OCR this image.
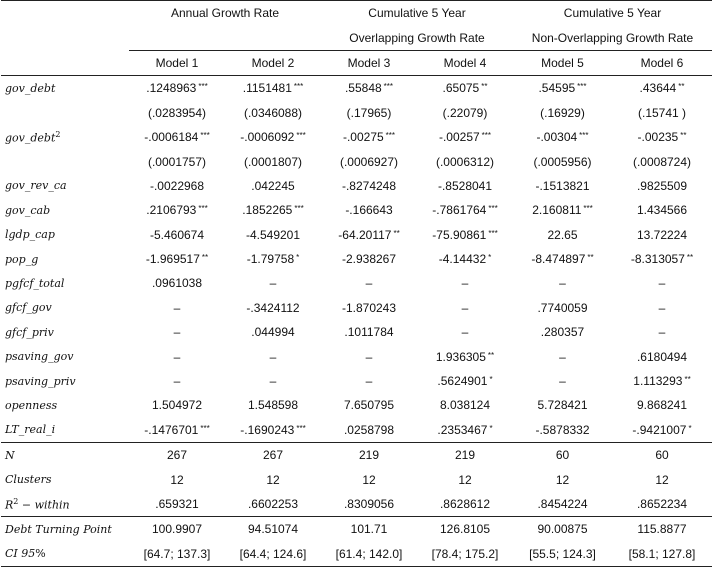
	Annual Growth Rate		Cumulative 5 Year		Cumulative 5 Year	
			Overlapping Growth Rate		Non-Overlapping Growth Rate	
	Model 1	Model 2	Model 3	Model 4	Model 5	Model 6
gov_debt	.1248963 ***	.1151481 ***	.55848 ***	.65075 **	.54595 ***	.43644 **
	(.0283954)	(.0346088)	(.17965)	(.22079)	(.16929)	(.15741 )
gov_debt$^2$	-.0006184 ***	-.0006092 ***	-.00275 ***	-.00257 ***	-.00304 ***	-.00235 **
	(.0001757)	(.0001807)	(.0006927)	(.0006312)	(.0005956)	(.0008724)
gov_rev_ca	-.0022968	.042245	-.8274248	-.8528041	-.1513821	.9825509
gov_cab	.2106793 ***	.1852265 ***	-.166643	-.7861764 ***	2.160811 ***	1.434566
lgdp_cap	-5.460674	-4.549201	-64.20117 **	-75.90861 ***	22.65	13.72224
pop_g	-1.969517 **	-1.79758 *	-2.938267	-4.14432 *	-8.474897 **	-8.313057 **
pgfcf_total	.0961038	–	–	–	–	–
gfcf_gov	–	-.3424112	-1.870243	–	.7740059	–
gfcf_priv	–	.044994	.1011784	–	.280357	–
psaving_gov	–	–	–	1.936305 **	–	.6180494
psaving_priv	–	–	–	.5624901 *	–	1.113293 **
openness	1.504972	1.548598	7.650795	8.038124	5.728421	9.868241
LT_real_i	-.1476701 ***	-.1690243 ***	.0258798	.2353467 *	-.5878332	-.9421007 *
N	267	267	219	219	60	60
Clusters	12	12	12	12	12	12
$R^2$ − within	.659321	.6602253	.8309056	.8628612	.8454224	.8652234
Debt Turning Point	100.9907	94.51074	101.71	126.8105	90.00875	115.8877
CI 95%	[64.7; 137.3]	[64.4; 124.6]	[61.4; 142.0]	[78.4; 175.2]	[55.5; 124.3]	[58.1; 127.8]
